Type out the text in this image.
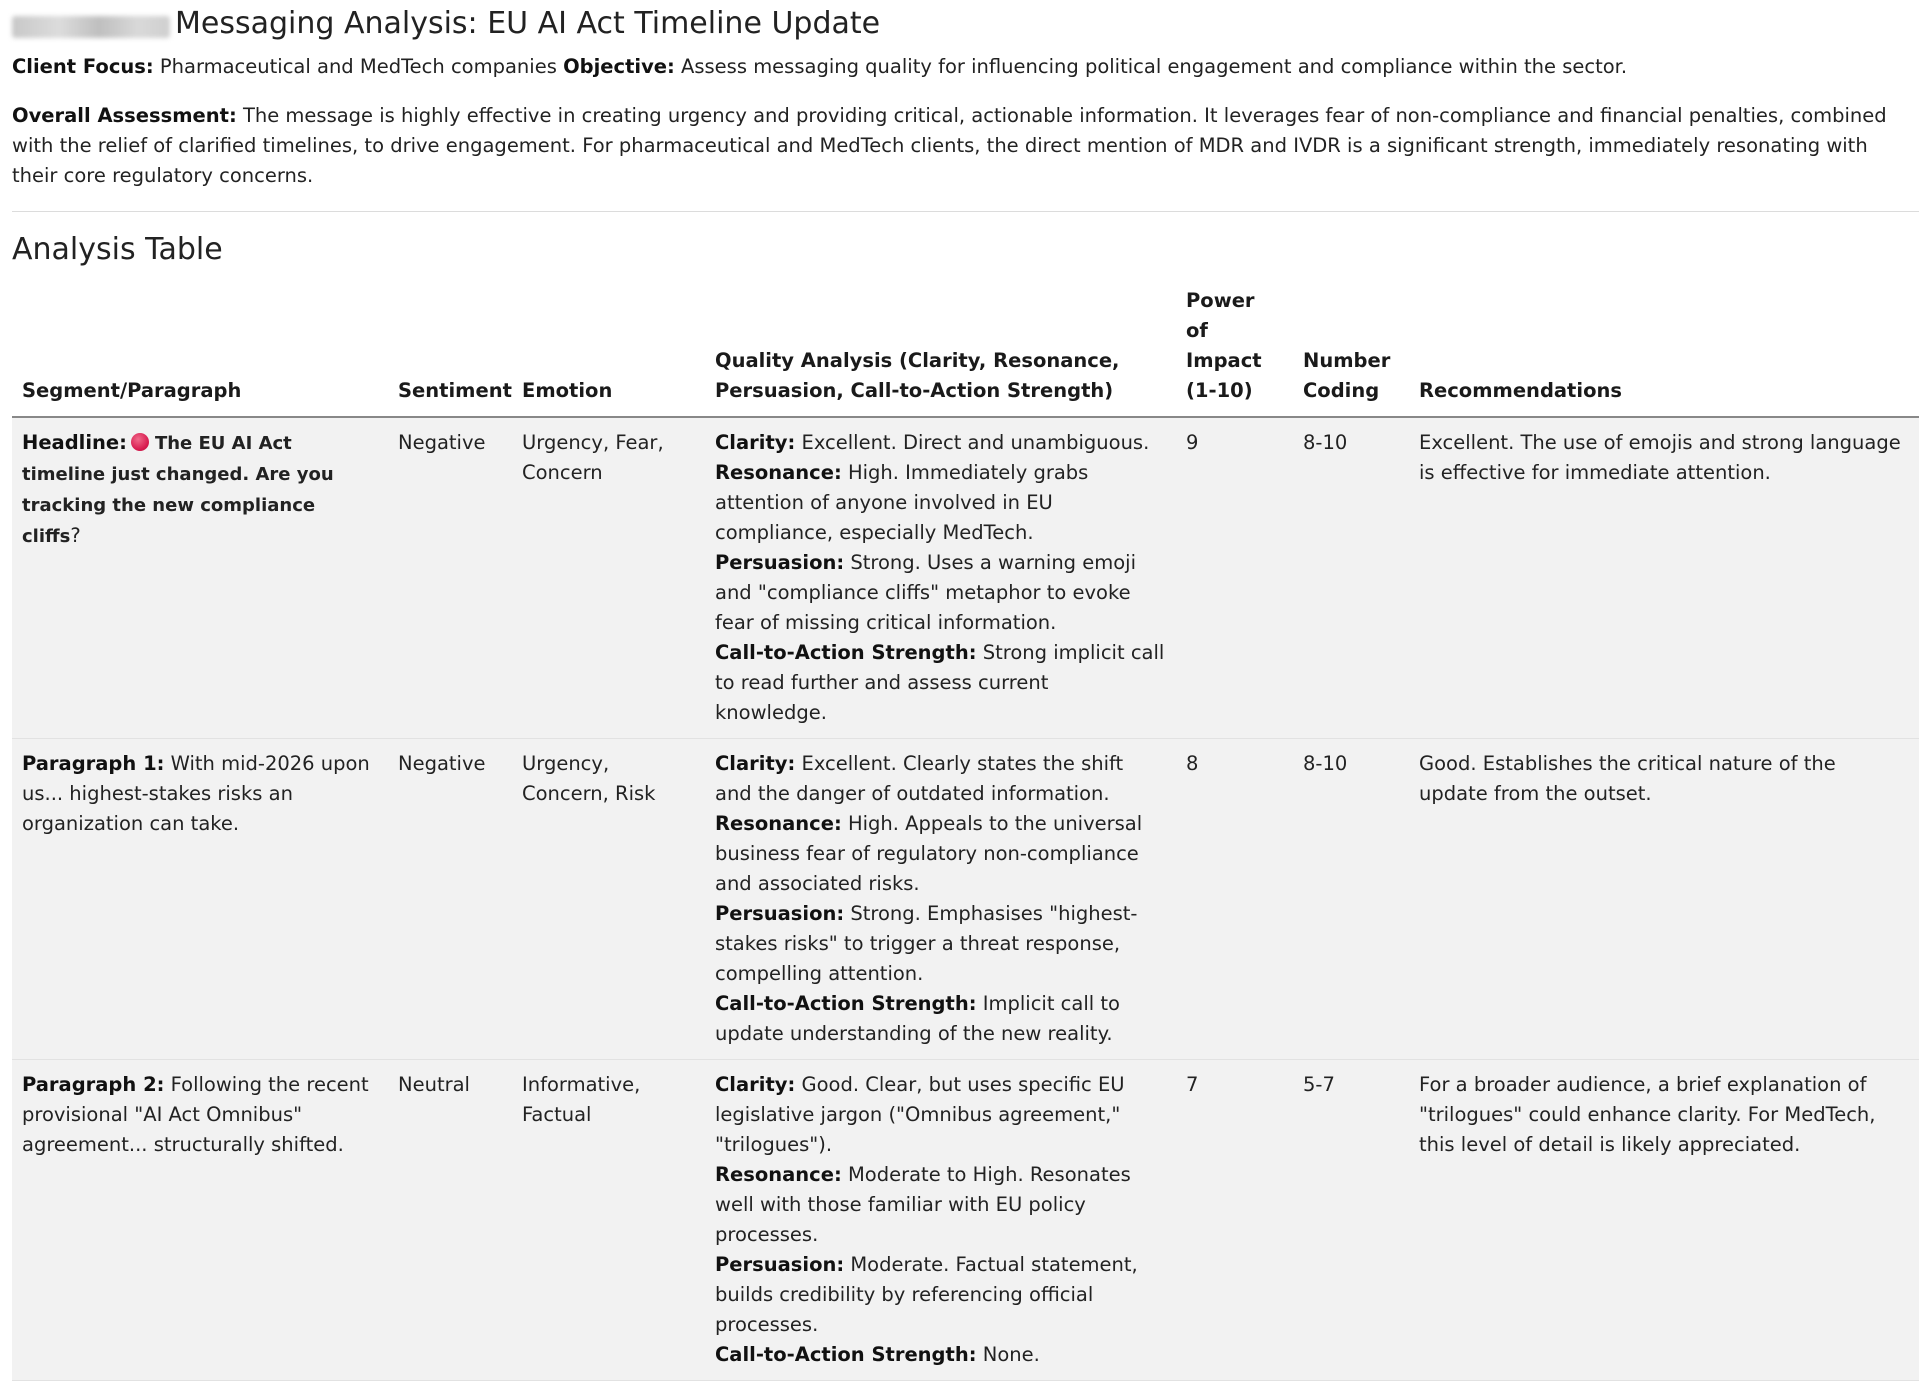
Messaging Analysis: EU AI Act Timeline Update
Client Focus: Pharmaceutical and MedTech companies Objective: Assess messaging quality for influencing political engagement and compliance within the sector.
Overall Assessment: The message is highly effective in creating urgency and providing critical, actionable information. It leverages fear of non-compliance and financial penalties, combined with the relief of clarified timelines, to drive engagement. For pharmaceutical and MedTech clients, the direct mention of MDR and IVDR is a significant strength, immediately resonating with their core regulatory concerns.
Analysis Table
Segment/Paragraph	Sentiment	Emotion	Quality Analysis (Clarity, Resonance, Persuasion, Call-to-Action Strength)	Power of Impact (1-10)	Number Coding	Recommendations
Headline: The EU AI Act timeline just changed. Are you tracking the new compliance cliffs?	Negative	Urgency, Fear, Concern	Clarity: Excellent. Direct and unambiguous.
Resonance: High. Immediately grabs attention of anyone involved in EU compliance, especially MedTech.
Persuasion: Strong. Uses a warning emoji and "compliance cliffs" metaphor to evoke fear of missing critical information.
Call-to-Action Strength: Strong implicit call to read further and assess current knowledge.	9	8-10	Excellent. The use of emojis and strong language is effective for immediate attention.
Paragraph 1: With mid-2026 upon us... highest-stakes risks an organization can take.	Negative	Urgency, Concern, Risk	Clarity: Excellent. Clearly states the shift and the danger of outdated information.
Resonance: High. Appeals to the universal business fear of regulatory non-compliance and associated risks.
Persuasion: Strong. Emphasises "highest-stakes risks" to trigger a threat response, compelling attention.
Call-to-Action Strength: Implicit call to update understanding of the new reality.	8	8-10	Good. Establishes the critical nature of the update from the outset.
Paragraph 2: Following the recent provisional "AI Act Omnibus" agreement... structurally shifted.	Neutral	Informative, Factual	Clarity: Good. Clear, but uses specific EU legislative jargon ("Omnibus agreement," "trilogues").
Resonance: Moderate to High. Resonates well with those familiar with EU policy processes.
Persuasion: Moderate. Factual statement, builds credibility by referencing official processes.
Call-to-Action Strength: None.	7	5-7	For a broader audience, a brief explanation of "trilogues" could enhance clarity. For MedTech, this level of detail is likely appreciated.
